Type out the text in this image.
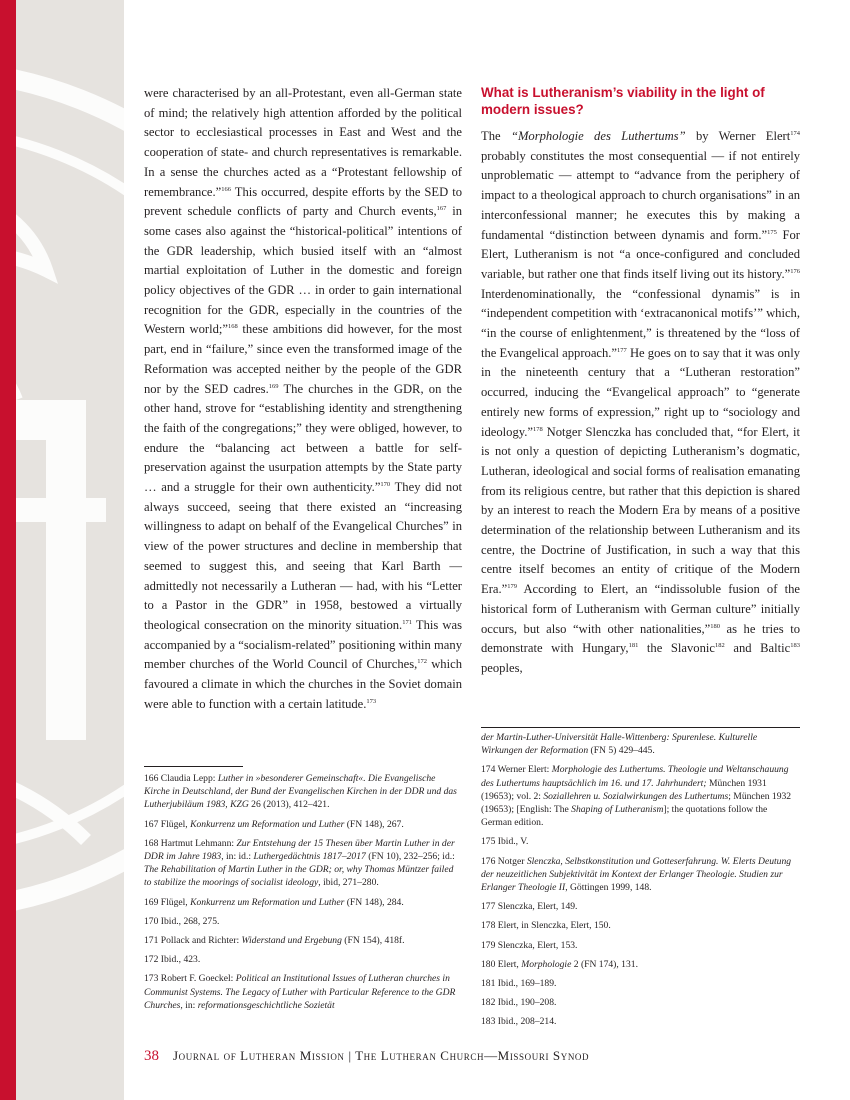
were characterised by an all-Protestant, even all-German state of mind; the relatively high attention afforded by the political sector to ecclesiastical processes in East and West and the cooperation of state- and church representatives is remarkable. In a sense the churches acted as a “Protestant fellowship of remembrance.”$^{166}$ This occurred, despite efforts by the SED to prevent schedule conflicts of party and Church events,$^{167}$ in some cases also against the “historical-political” intentions of the GDR leadership, which busied itself with an “almost martial exploitation of Luther in the domestic and foreign policy objectives of the GDR … in order to gain international recognition for the GDR, especially in the countries of the Western world;”$^{168}$ these ambitions did however, for the most part, end in “failure,” since even the transformed image of the Reformation was accepted neither by the people of the GDR nor by the SED cadres.$^{169}$ The churches in the GDR, on the other hand, strove for “establishing identity and strengthening the faith of the congregations;” they were obliged, however, to endure the “balancing act between a battle for self-preservation against the usurpation attempts by the State party … and a struggle for their own authenticity.”$^{170}$ They did not always succeed, seeing that there existed an “increasing willingness to adapt on behalf of the Evangelical Churches” in view of the power structures and decline in membership that seemed to suggest this, and seeing that Karl Barth — admittedly not necessarily a Lutheran — had, with his “Letter to a Pastor in the GDR” in 1958, bestowed a virtually theological consecration on the minority situation.$^{171}$ This was accompanied by a “socialism-related” positioning within many member churches of the World Council of Churches,$^{172}$ which favoured a climate in which the churches in the Soviet domain were able to function with a certain latitude.$^{173}$

What is Lutheranism’s viability in the light of modern issues?

The “Morphologie des Luthertums” by Werner Elert$^{174}$ probably constitutes the most consequential — if not entirely unproblematic — attempt to “advance from the periphery of impact to a theological approach to church organisations” in an interconfessional manner; he executes this by making a fundamental “distinction between dynamis and form.”$^{175}$ For Elert, Lutheranism is not “a once-configured and concluded variable, but rather one that finds itself living out its history.”$^{176}$ Interdenominationally, the “confessional dynamis” is in “independent competition with ‘extracanonical motifs’” which, “in the course of enlightenment,” is threatened by the “loss of the Evangelical approach.”$^{177}$ He goes on to say that it was only in the nineteenth century that a “Lutheran restoration” occurred, inducing the “Evangelical approach” to “generate entirely new forms of expression,” right up to “sociology and ideology.”$^{178}$ Notger Slenczka has concluded that, “for Elert, it is not only a question of depicting Lutheranism’s dogmatic, Lutheran, ideological and social forms of realisation emanating from its religious centre, but rather that this depiction is shared by an interest to reach the Modern Era by means of a positive determination of the relationship between Lutheranism and its centre, the Doctrine of Justification, in such a way that this centre itself becomes an entity of critique of the Modern Era.”$^{179}$ According to Elert, an “indissoluble fusion of the historical form of Lutheranism with German culture” initially occurs, but also “with other nationalities,”$^{180}$ as he tries to demonstrate with Hungary,$^{181}$ the Slavonic$^{182}$ and Baltic$^{183}$ peoples,

166 Claudia Lepp: Luther in »besonderer Gemeinschaft«. Die Evangelische Kirche in Deutschland, der Bund der Evangelischen Kirchen in der DDR und das Lutherjubiläum 1983, KZG 26 (2013), 412–421.

167 Flügel, Konkurrenz um Reformation und Luther (FN 148), 267.

168 Hartmut Lehmann: Zur Entstehung der 15 Thesen über Martin Luther in der DDR im Jahre 1983, in: id.: Luthergedächtnis 1817–2017 (FN 10), 232–256; id.: The Rehabilitation of Martin Luther in the GDR; or, why Thomas Müntzer failed to stabilize the moorings of socialist ideology, ibid, 271–280.

169 Flügel, Konkurrenz um Reformation und Luther (FN 148), 284.

170 Ibid., 268, 275.

171 Pollack and Richter: Widerstand und Ergebung (FN 154), 418f.

172 Ibid., 423.

173 Robert F. Goeckel: Political an Institutional Issues of Lutheran churches in Communist Systems. The Legacy of Luther with Particular Reference to the GDR Churches, in: reformationsgeschichtliche Sozietät

der Martin-Luther-Universität Halle-Wittenberg: Spurenlese. Kulturelle Wirkungen der Reformation (FN 5) 429–445.

174 Werner Elert: Morphologie des Luthertums. Theologie und Weltanschauung des Luthertums hauptsächlich im 16. und 17. Jahrhundert; München 1931 (19653); vol. 2: Soziallehren u. Sozialwirkungen des Luthertums; München 1932 (19653); [English: The Shaping of Lutheranism]; the quotations follow the German edition.

175 Ibid., V.

176 Notger Slenczka, Selbstkonstitution und Gotteserfahrung. W. Elerts Deutung der neuzeitlichen Subjektivität im Kontext der Erlanger Theologie. Studien zur Erlanger Theologie II, Göttingen 1999, 148.

177 Slenczka, Elert, 149.

178 Elert, in Slenczka, Elert, 150.

179 Slenczka, Elert, 153.

180 Elert, Morphologie 2 (FN 174), 131.

181 Ibid., 169–189.

182 Ibid., 190–208.

183 Ibid., 208–214.

38 Journal of Lutheran Mission | The Lutheran Church—Missouri Synod
